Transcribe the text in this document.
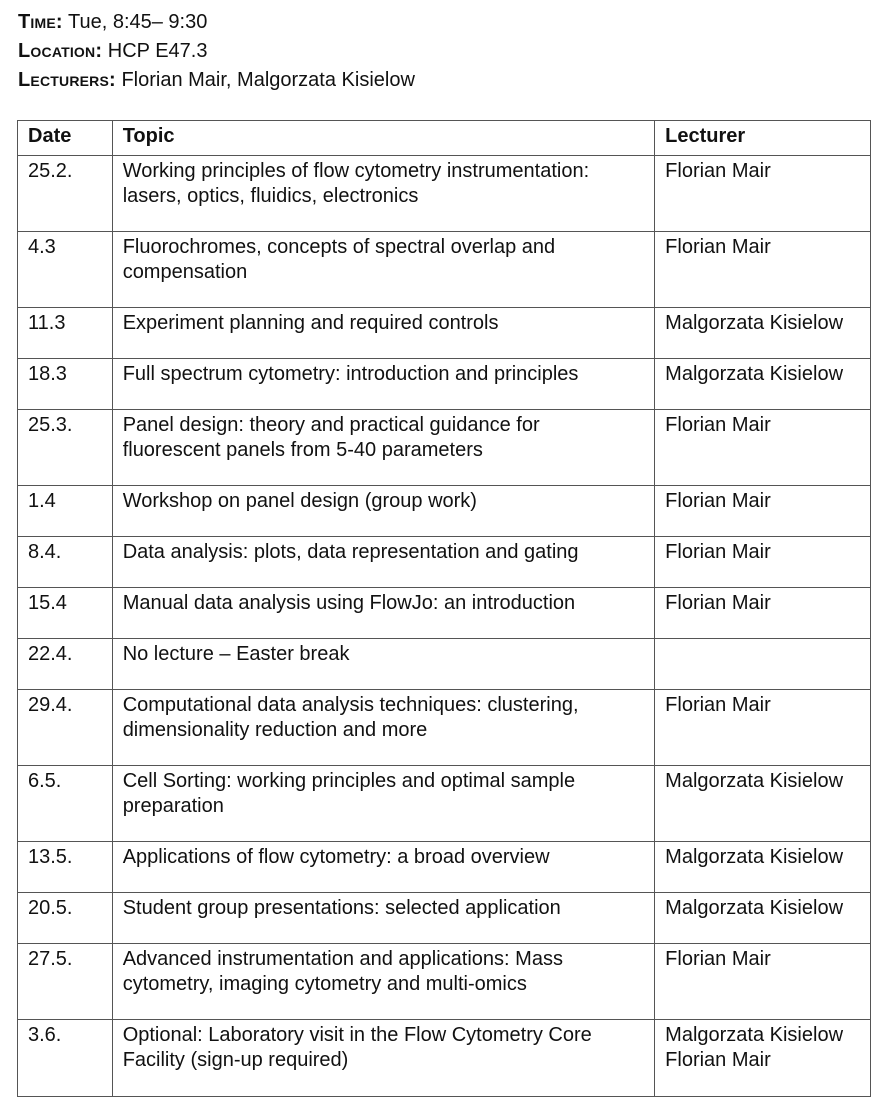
Time: Tue, 8:45– 9:30
Location: HCP E47.3
Lecturers: Florian Mair, Malgorzata Kisielow
Date	Topic	Lecturer
25.2.	Working principles of flow cytometry instrumentation:
lasers, optics, fluidics, electronics	Florian Mair

4.3	Fluorochromes, concepts of spectral overlap and
compensation	Florian Mair

11.3	Experiment planning and required controls	Malgorzata Kisielow

18.3	Full spectrum cytometry: introduction and principles	Malgorzata Kisielow

25.3.	Panel design: theory and practical guidance for
fluorescent panels from 5-40 parameters	Florian Mair

1.4	Workshop on panel design (group work)	Florian Mair

8.4.	Data analysis: plots, data representation and gating	Florian Mair

15.4	Manual data analysis using FlowJo: an introduction	Florian Mair

22.4.	No lecture – Easter break	

29.4.	Computational data analysis techniques: clustering,
dimensionality reduction and more	Florian Mair

6.5.	Cell Sorting: working principles and optimal sample
preparation	Malgorzata Kisielow

13.5.	Applications of flow cytometry: a broad overview	Malgorzata Kisielow

20.5.	Student group presentations: selected application	Malgorzata Kisielow

27.5.	Advanced instrumentation and applications: Mass
cytometry, imaging cytometry and multi-omics	Florian Mair

3.6.	Optional: Laboratory visit in the Flow Cytometry Core
Facility (sign-up required)	Malgorzata Kisielow
Florian Mair
